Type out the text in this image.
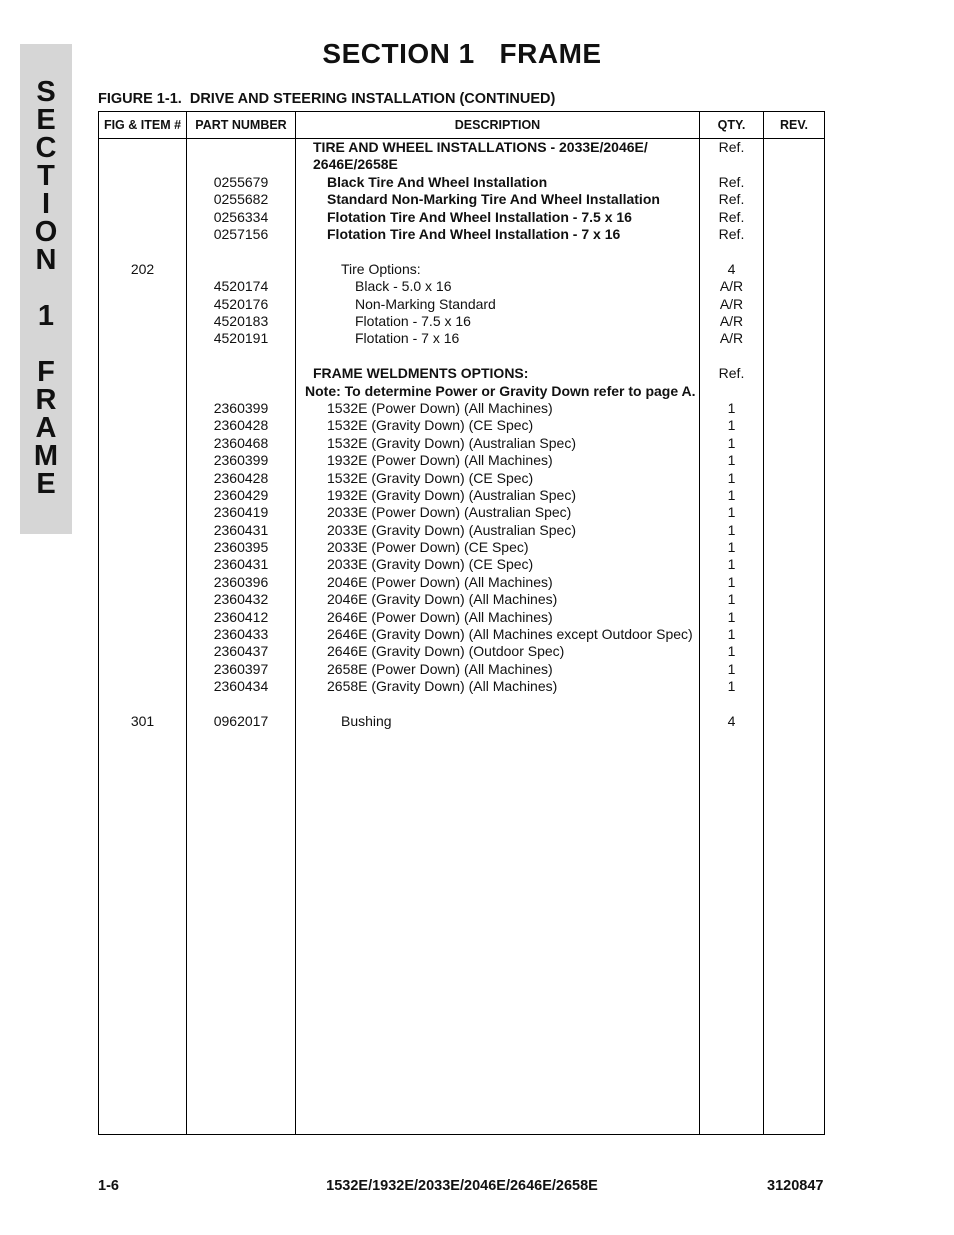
S
E
C
T
I
O
N
1
F
R
A
M
E
SECTION 1   FRAME
FIGURE 1-1.  DRIVE AND STEERING INSTALLATION (CONTINUED)
FIG & ITEM #	PART NUMBER	DESCRIPTION	QTY.	REV.
TIRE AND WHEEL INSTALLATIONS - 2033E/2046E/	Ref.
2646E/2658E
0255679	Black Tire And Wheel Installation	Ref.
0255682	Standard Non-Marking Tire And Wheel Installation	Ref.
0256334	Flotation Tire And Wheel Installation - 7.5 x 16	Ref.
0257156	Flotation Tire And Wheel Installation - 7 x 16	Ref.
202	Tire Options:	4
4520174	Black - 5.0 x 16	A/R
4520176	Non-Marking Standard	A/R
4520183	Flotation - 7.5 x 16	A/R
4520191	Flotation - 7 x 16	A/R
FRAME WELDMENTS OPTIONS:	Ref.
Note: To determine Power or Gravity Down refer to page A.
2360399	1532E (Power Down) (All Machines)	1
2360428	1532E (Gravity Down) (CE Spec)	1
2360468	1532E (Gravity Down) (Australian Spec)	1
2360399	1932E (Power Down) (All Machines)	1
2360428	1532E (Gravity Down) (CE Spec)	1
2360429	1932E (Gravity Down) (Australian Spec)	1
2360419	2033E (Power Down) (Australian Spec)	1
2360431	2033E (Gravity Down) (Australian Spec)	1
2360395	2033E (Power Down) (CE Spec)	1
2360431	2033E (Gravity Down) (CE Spec)	1
2360396	2046E (Power Down) (All Machines)	1
2360432	2046E (Gravity Down) (All Machines)	1
2360412	2646E (Power Down) (All Machines)	1
2360433	2646E (Gravity Down) (All Machines except Outdoor Spec)	1
2360437	2646E (Gravity Down) (Outdoor Spec)	1
2360397	2658E (Power Down) (All Machines)	1
2360434	2658E (Gravity Down) (All Machines)	1
301	0962017	Bushing	4
1-6	1532E/1932E/2033E/2046E/2646E/2658E	3120847
